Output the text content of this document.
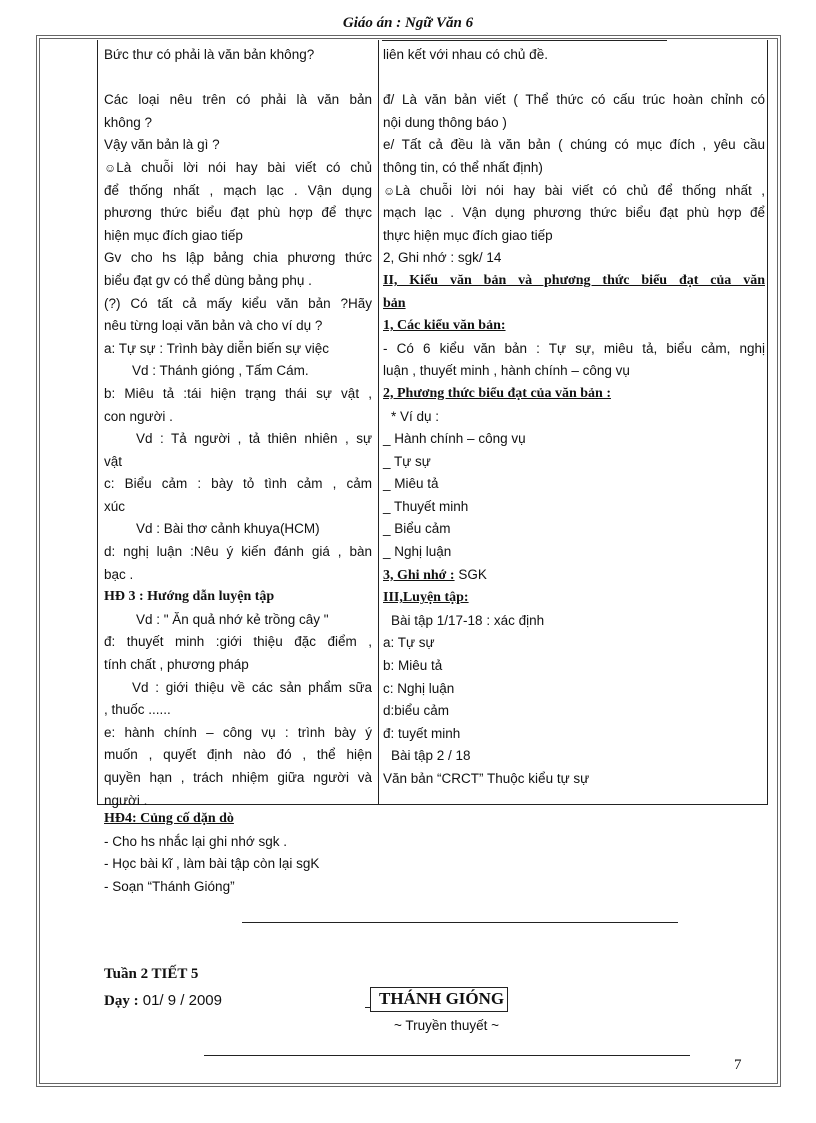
Giáo án : Ngữ Văn 6

Bức thư có phải là văn bản không?

Các loại nêu trên có phải là văn bản

không ?

Vậy văn bản là gì ?

☺Là chuỗi lời nói hay bài viết có chủ

để thống nhất , mạch lạc . Vận dụng

phương thức biểu đạt phù hợp để thực

hiện mục đích giao tiếp

Gv cho hs lập bảng chia phương thức

biểu đạt gv có thể dùng bảng phụ .

(?) Có tất cả mấy kiểu văn bản ?Hãy

nêu từng loại văn bản và cho ví dụ ?

a: Tự sự : Trình bày diễn biến sự việc

Vd : Thánh gióng , Tấm Cám.

b: Miêu tả :tái hiện trạng thái sự vật ,

con người .

Vd : Tả người , tả thiên nhiên , sự

vật

c: Biểu cảm : bày tỏ tình cảm , cảm

xúc

Vd : Bài thơ cảnh khuya(HCM)

d: nghị luận :Nêu ý kiến đánh giá , bàn

bạc .

HĐ 3 : Hướng dẫn luyện tập

Vd : " Ăn quả nhớ kẻ trồng cây "

đ: thuyết minh :giới thiệu đặc điểm ,

tính chất , phương pháp

Vd : giới thiệu về các sản phẩm sữa

, thuốc ......

e: hành chính – công vụ : trình bày ý

muốn , quyết định nào đó , thể hiện

quyền hạn , trách nhiệm giữa người và

người .

liên kết với nhau có chủ đề.

đ/ Là văn bản viết ( Thể thức có cấu trúc hoàn chỉnh có

nội dung thông báo )

e/ Tất cả đều là văn bản ( chúng có mục đích , yêu cầu

thông tin, có thể nhất định)

☺Là chuỗi lời nói hay bài viết có chủ để thống nhất ,

mạch lạc . Vận dụng phương thức biểu đạt phù hợp để

thực hiện mục đích giao tiếp

2, Ghi nhớ : sgk/ 14

II, Kiểu văn bản và phương thức biểu đạt của văn

bản

1, Các kiểu văn bản:

- Có 6 kiểu văn bản : Tự sự, miêu tả, biểu cảm, nghị

luận , thuyết minh , hành chính – công vụ

2, Phương thức biểu đạt của văn bản :

* Ví dụ :

_ Hành chính – công vụ

_ Tự sự

_ Miêu tả

_ Thuyết minh

_ Biểu cảm

_ Nghị luận

3, Ghi nhớ : SGK

III,Luyện tập:

Bài tập 1/17-18 : xác định

a: Tự sự

b: Miêu tả

c: Nghị luận

d:biểu cảm

đ: tuyết minh

Bài tập 2 / 18

Văn bản “CRCT” Thuộc kiểu tự sự

HĐ4: Củng cố dặn dò

- Cho hs nhắc lại ghi nhớ sgk .

- Học bài kĩ , làm bài tập còn lại sgK

- Soạn “Thánh Gióng”

Tuần 2 TIẾT 5
Dạy : 01/ 9 / 2009	THÁNH GIÓNG
~ Truyền thuyết ~
7
